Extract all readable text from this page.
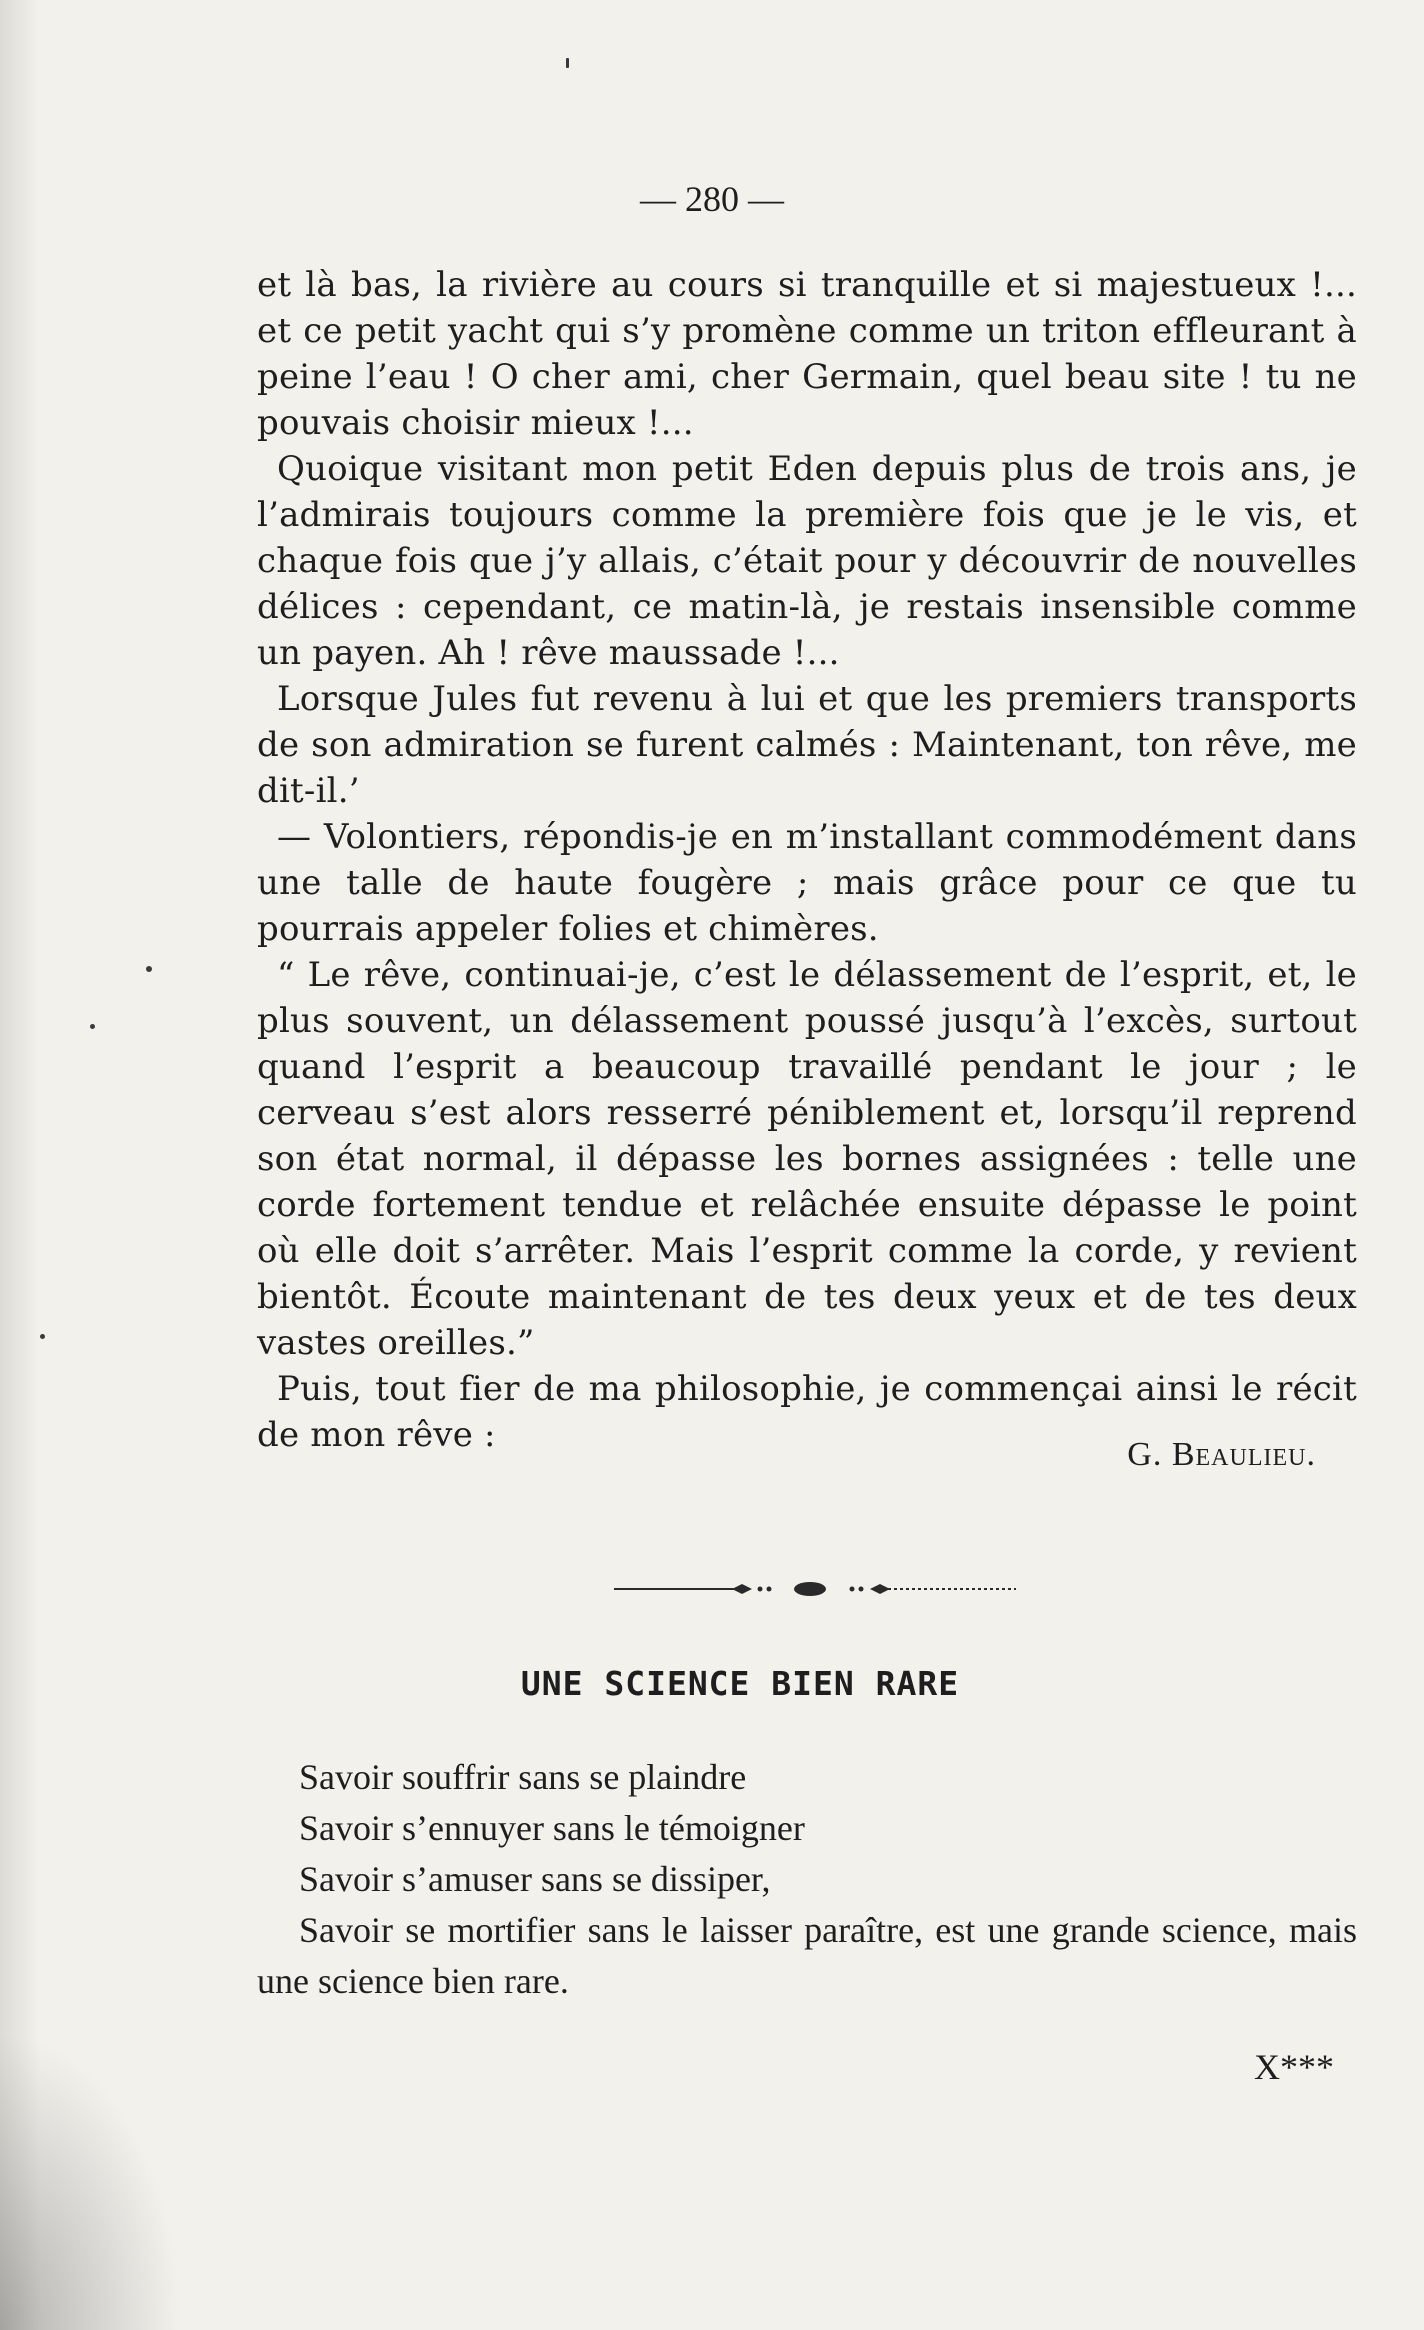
— 280 —

et là bas, la rivière au cours si tranquille et si majestueux !... et ce petit yacht qui s’y promène comme un triton effleurant à peine l’eau ! O cher ami, cher Germain, quel beau site ! tu ne pouvais choisir mieux !...

Quoique visitant mon petit Eden depuis plus de trois ans, je l’admirais toujours comme la première fois que je le vis, et chaque fois que j’y allais, c’était pour y découvrir de nouvelles délices : cependant, ce matin-là, je restais insensible comme un payen. Ah ! rêve maussade !...

Lorsque Jules fut revenu à lui et que les premiers transports de son admiration se furent calmés : Maintenant, ton rêve, me dit-il.’

— Volontiers, répondis-je en m’installant commodément dans une talle de haute fougère ; mais grâce pour ce que tu pourrais appeler folies et chimères.

“ Le rêve, continuai-je, c’est le délassement de l’esprit, et, le plus souvent, un délassement poussé jusqu’à l’excès, surtout quand l’esprit a beaucoup travaillé pendant le jour ; le cerveau s’est alors resserré péniblement et, lorsqu’il reprend son état normal, il dépasse les bornes assignées : telle une corde fortement tendue et relâchée ensuite dépasse le point où elle doit s’arrêter. Mais l’esprit comme la corde, y revient bientôt. Écoute maintenant de tes deux yeux et de tes deux vastes oreilles.”

Puis, tout fier de ma philosophie, je commençai ainsi le récit de mon rêve :	G. Beaulieu.
UNE SCIENCE BIEN RARE

Savoir souffrir sans se plaindre

Savoir s’ennuyer sans le témoigner

Savoir s’amuser sans se dissiper,

Savoir se mortifier sans le laisser paraître, est une grande science, mais une science bien rare.

X***
